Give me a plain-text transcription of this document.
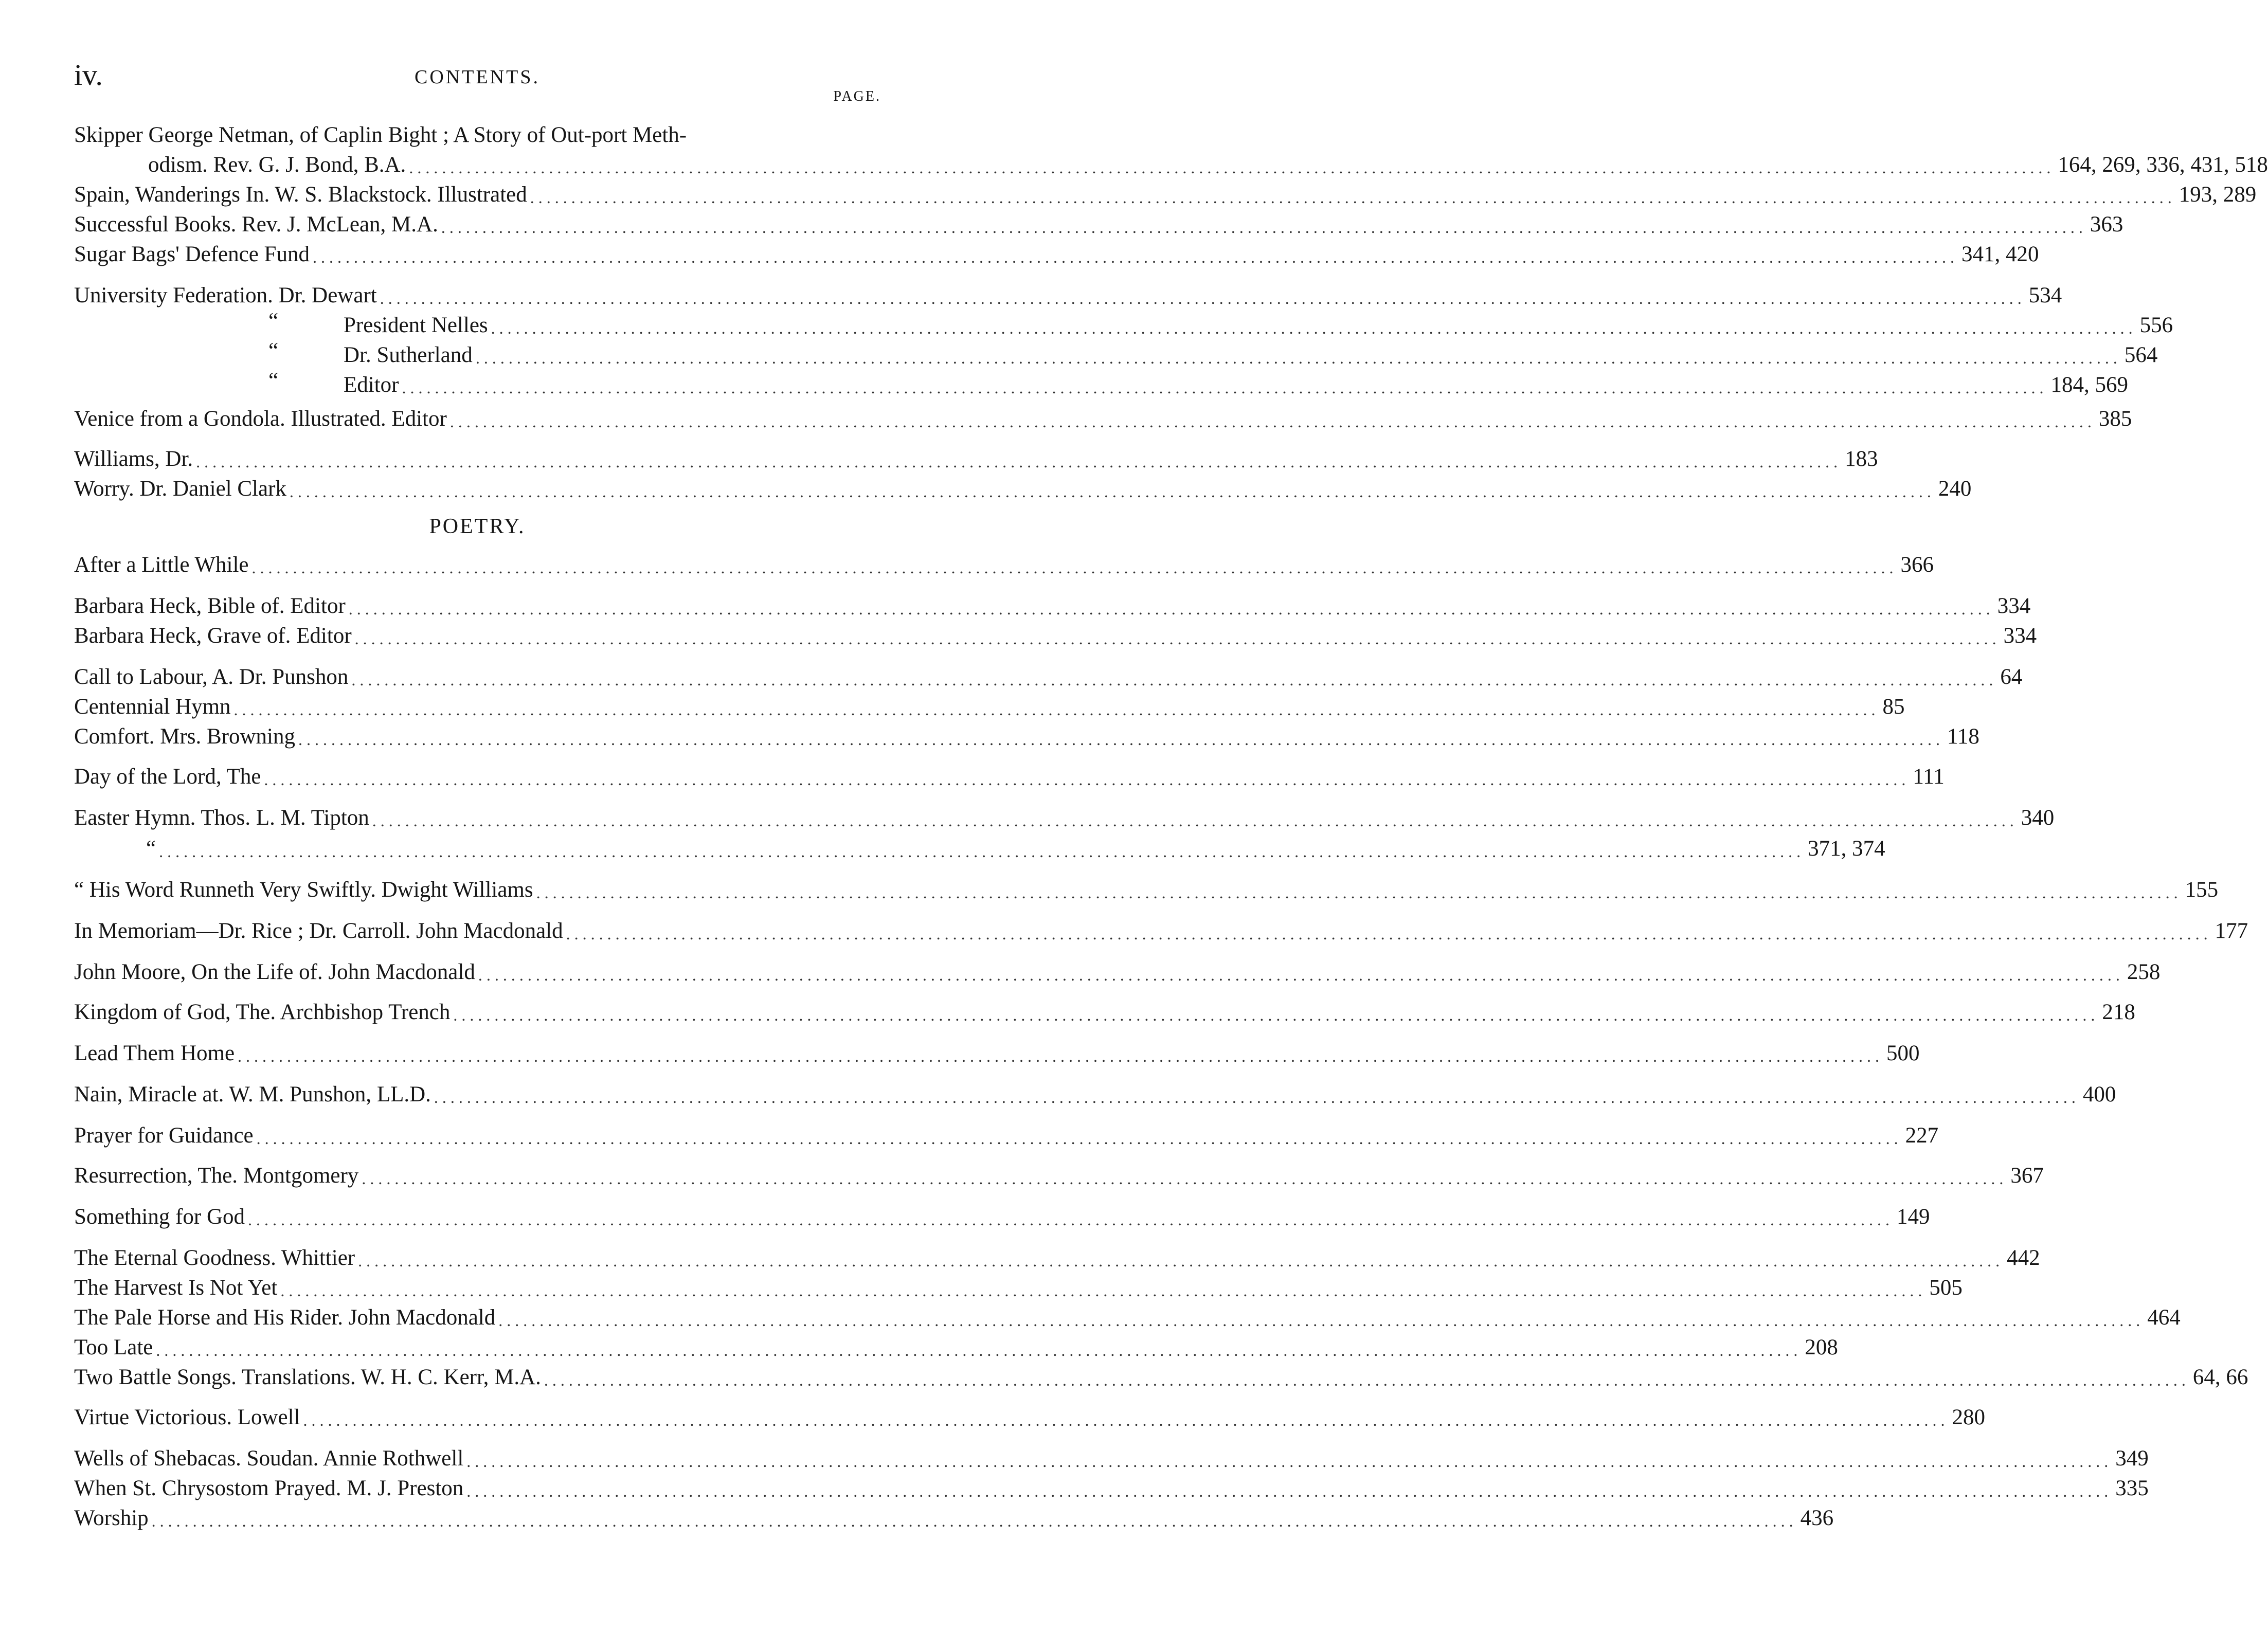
iv.	CONTENTS.
PAGE.
Skipper George Netman, of Caplin Bight ; A Story of Out-port Meth-
odism. Rev. G. J. Bond, B.A. ........................................................................................................................................................................................................ 164, 269, 336, 431, 518
Spain, Wanderings In. W. S. Blackstock. Illustrated ........................................................................................................................................................................................................ 193, 289
Successful Books. Rev. J. McLean, M.A. ........................................................................................................................................................................................................ 363
Sugar Bags' Defence Fund ........................................................................................................................................................................................................ 341, 420
University Federation. Dr. Dewart ........................................................................................................................................................................................................ 534
“	President Nelles ........................................................................................................................................................................................................ 556
“	Dr. Sutherland ........................................................................................................................................................................................................ 564
“	Editor ........................................................................................................................................................................................................ 184, 569
Venice from a Gondola. Illustrated. Editor ........................................................................................................................................................................................................ 385
Williams, Dr. ........................................................................................................................................................................................................ 183
Worry. Dr. Daniel Clark ........................................................................................................................................................................................................ 240
POETRY.
After a Little While ........................................................................................................................................................................................................ 366
Barbara Heck, Bible of. Editor ........................................................................................................................................................................................................ 334
Barbara Heck, Grave of. Editor ........................................................................................................................................................................................................ 334
Call to Labour, A. Dr. Punshon ........................................................................................................................................................................................................ 64
Centennial Hymn ........................................................................................................................................................................................................ 85
Comfort. Mrs. Browning ........................................................................................................................................................................................................ 118
Day of the Lord, The ........................................................................................................................................................................................................ 111
Easter Hymn. Thos. L. M. Tipton ........................................................................................................................................................................................................ 340
“ ........................................................................................................................................................................................................ 371, 374
“ His Word Runneth Very Swiftly. Dwight Williams ........................................................................................................................................................................................................ 155
In Memoriam—Dr. Rice ; Dr. Carroll. John Macdonald ........................................................................................................................................................................................................ 177
John Moore, On the Life of. John Macdonald ........................................................................................................................................................................................................ 258
Kingdom of God, The. Archbishop Trench ........................................................................................................................................................................................................ 218
Lead Them Home ........................................................................................................................................................................................................ 500
Nain, Miracle at. W. M. Punshon, LL.D. ........................................................................................................................................................................................................ 400
Prayer for Guidance ........................................................................................................................................................................................................ 227
Resurrection, The. Montgomery ........................................................................................................................................................................................................ 367
Something for God ........................................................................................................................................................................................................ 149
The Eternal Goodness. Whittier ........................................................................................................................................................................................................ 442
The Harvest Is Not Yet ........................................................................................................................................................................................................ 505
The Pale Horse and His Rider. John Macdonald ........................................................................................................................................................................................................ 464
Too Late ........................................................................................................................................................................................................ 208
Two Battle Songs. Translations. W. H. C. Kerr, M.A. ........................................................................................................................................................................................................ 64, 66
Virtue Victorious. Lowell ........................................................................................................................................................................................................ 280
Wells of Shebacas. Soudan. Annie Rothwell ........................................................................................................................................................................................................ 349
When St. Chrysostom Prayed. M. J. Preston ........................................................................................................................................................................................................ 335
Worship ........................................................................................................................................................................................................ 436
